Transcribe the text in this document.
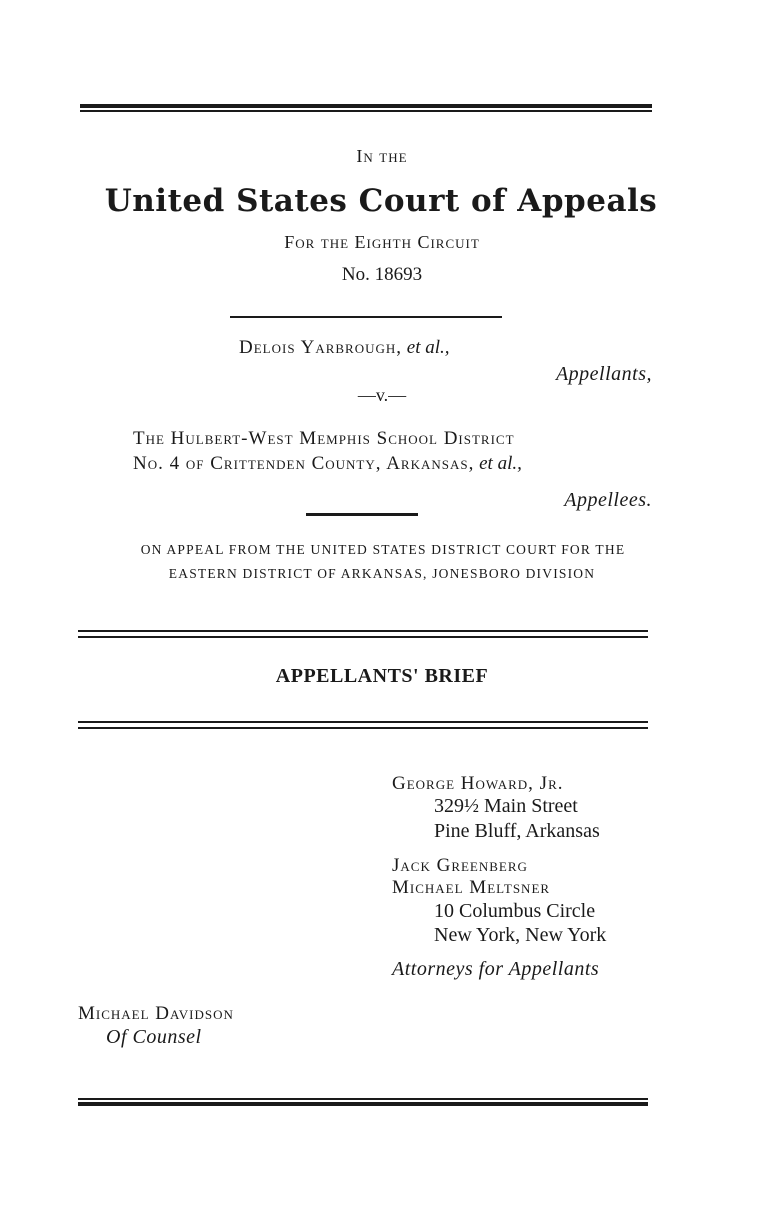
In the
United States Court of Appeals
For the Eighth Circuit
No. 18693
Delois Yarbrough, et al.,
Appellants,
—v.—
The Hulbert-West Memphis School District
No. 4 of Crittenden County, Arkansas, et al.,
Appellees.
ON APPEAL FROM THE UNITED STATES DISTRICT COURT FOR THE
EASTERN DISTRICT OF ARKANSAS, JONESBORO DIVISION
APPELLANTS' BRIEF
George Howard, Jr.
329½ Main Street
Pine Bluff, Arkansas
Jack Greenberg
Michael Meltsner
10 Columbus Circle
New York, New York
Attorneys for Appellants
Michael Davidson
Of Counsel
